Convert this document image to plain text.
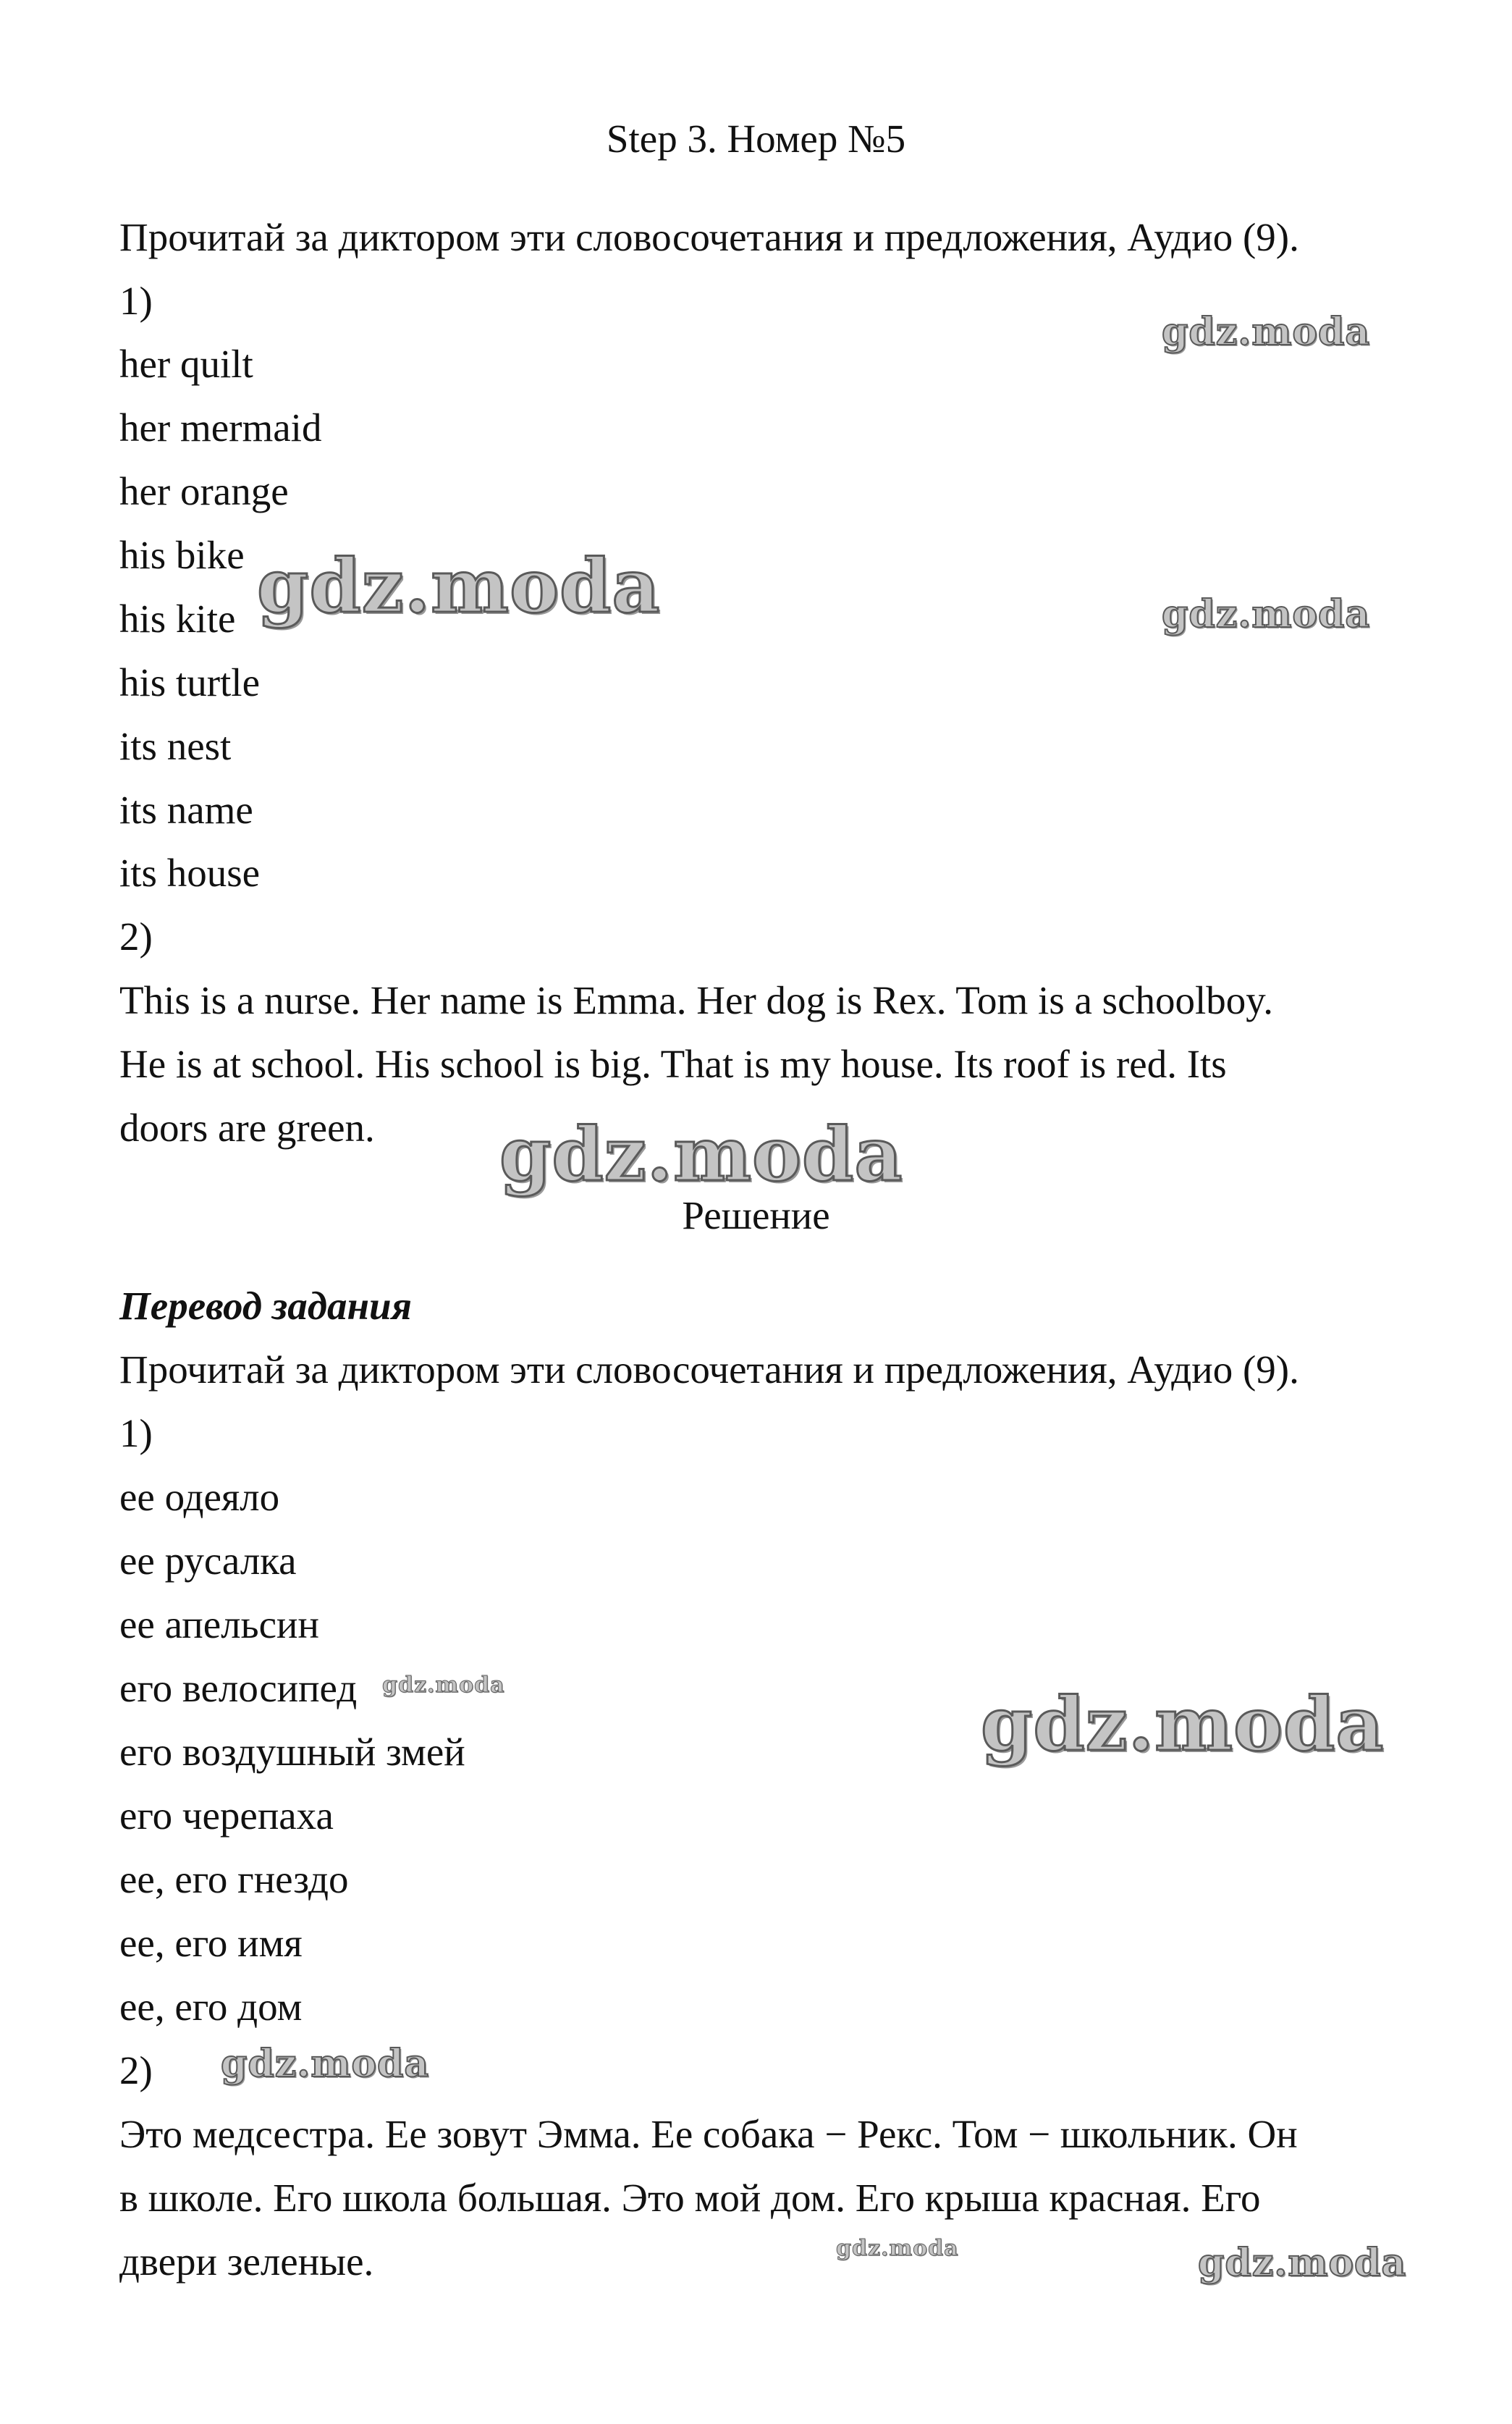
Step 3. Номер №5

Прочитай за диктором эти словосочетания и предложения, Аудио (9).

1)

her quilt

her mermaid

her orange

his bike

his kite

his turtle

its nest

its name

its house

2)

This is a nurse. Her name is Emma. Her dog is Rex. Tom is a schoolboy.

He is at school. His school is big. That is my house. Its roof is red. Its

doors are green.

Решение

Перевод задания

Прочитай за диктором эти словосочетания и предложения, Аудио (9).

1)

ее одеяло

ее русалка

ее апельсин

его велосипед

его воздушный змей

его черепаха

ее, его гнездо

ее, его имя

ее, его дом

2)

Это медсестра. Ее зовут Эмма. Ее собака − Рекс. Том − школьник. Он

в школе. Его школа большая. Это мой дом. Его крыша красная. Его

двери зеленые.

gdz.moda

gdz.moda	gdz.moda

gdz.moda

gdz.moda	gdz.moda

gdz.moda

gdz.moda	gdz.moda
